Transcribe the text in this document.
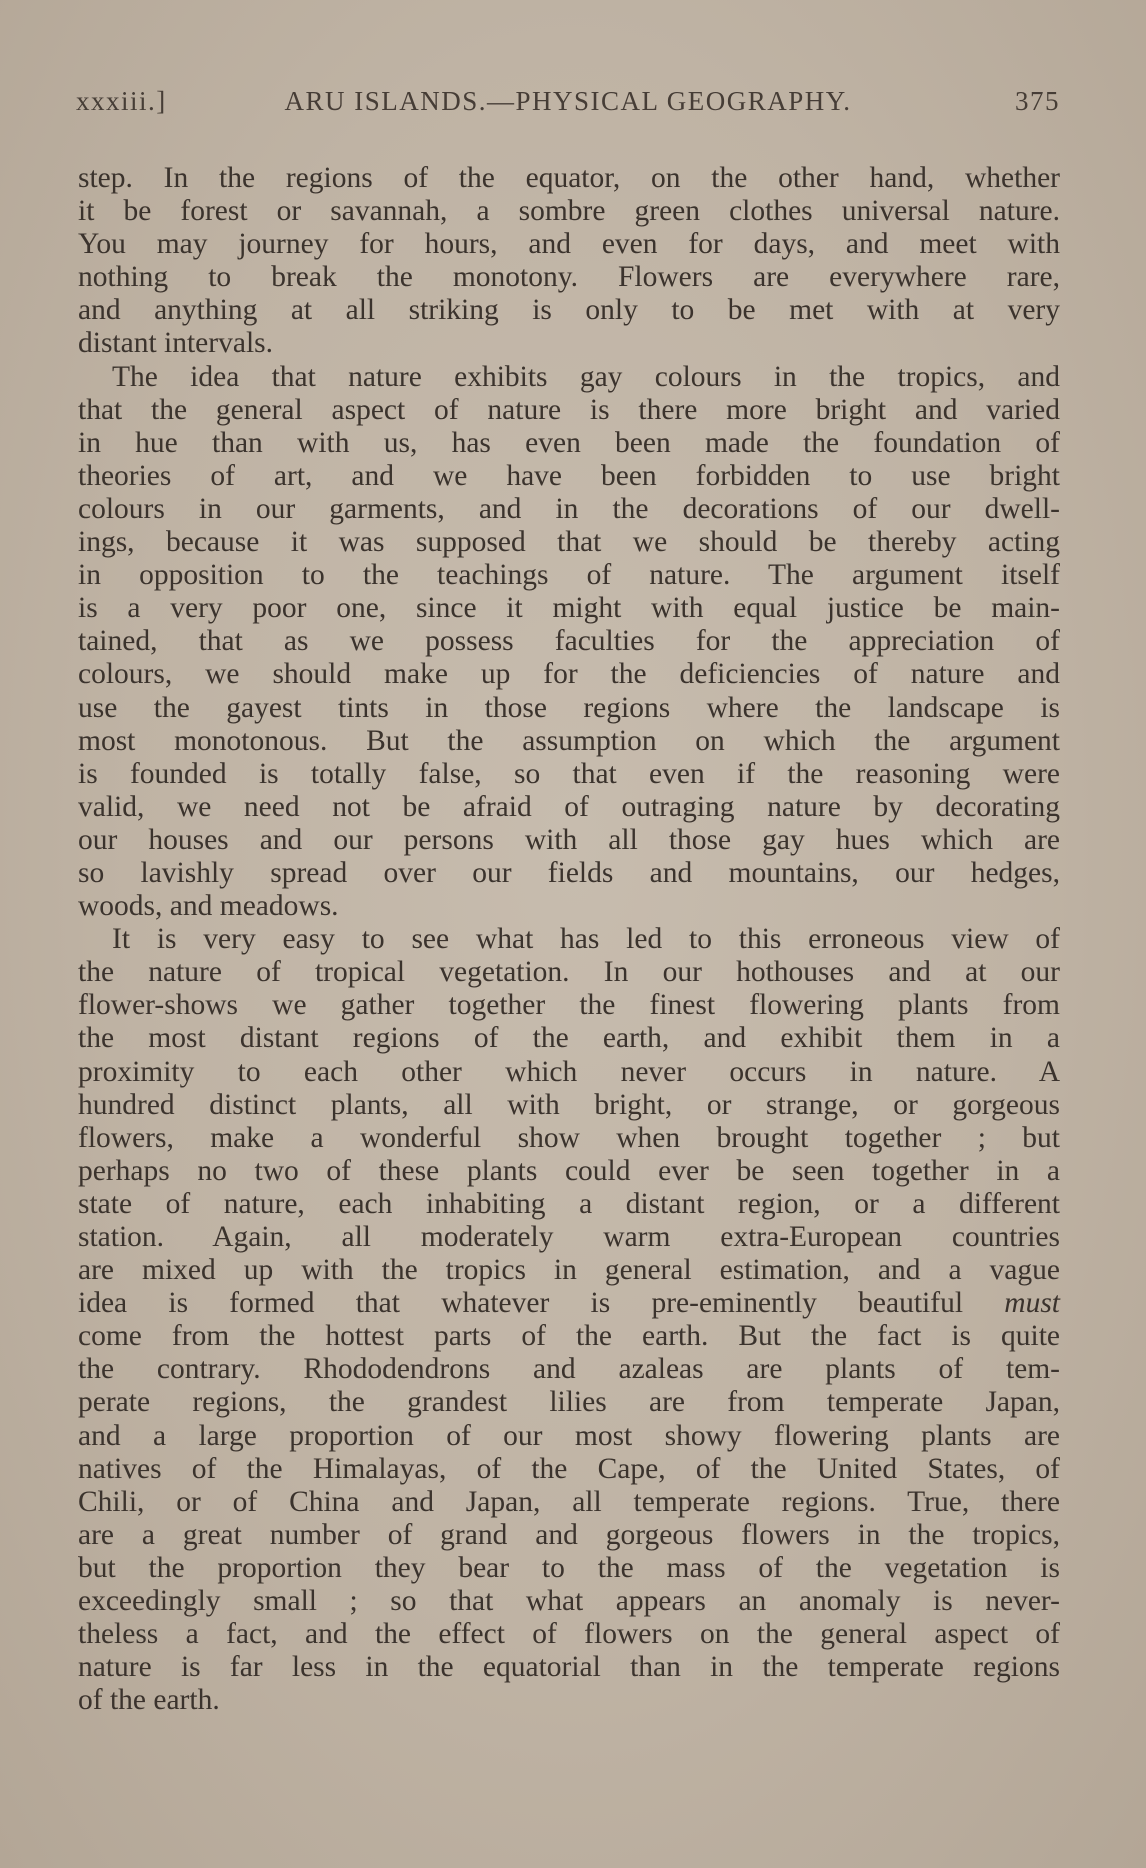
xxxiii.]	ARU ISLANDS.—PHYSICAL GEOGRAPHY.	375
step. In the regions of the equator, on the other hand, whether
it be forest or savannah, a sombre green clothes universal nature.
You may journey for hours, and even for days, and meet with
nothing to break the monotony. Flowers are everywhere rare,
and anything at all striking is only to be met with at very
distant intervals.
The idea that nature exhibits gay colours in the tropics, and
that the general aspect of nature is there more bright and varied
in hue than with us, has even been made the foundation of
theories of art, and we have been forbidden to use bright
colours in our garments, and in the decorations of our dwell-
ings, because it was supposed that we should be thereby acting
in opposition to the teachings of nature. The argument itself
is a very poor one, since it might with equal justice be main-
tained, that as we possess faculties for the appreciation of
colours, we should make up for the deficiencies of nature and
use the gayest tints in those regions where the landscape is
most monotonous. But the assumption on which the argument
is founded is totally false, so that even if the reasoning were
valid, we need not be afraid of outraging nature by decorating
our houses and our persons with all those gay hues which are
so lavishly spread over our fields and mountains, our hedges,
woods, and meadows.
It is very easy to see what has led to this erroneous view of
the nature of tropical vegetation. In our hothouses and at our
flower-shows we gather together the finest flowering plants from
the most distant regions of the earth, and exhibit them in a
proximity to each other which never occurs in nature. A
hundred distinct plants, all with bright, or strange, or gorgeous
flowers, make a wonderful show when brought together ; but
perhaps no two of these plants could ever be seen together in a
state of nature, each inhabiting a distant region, or a different
station. Again, all moderately warm extra-European countries
are mixed up with the tropics in general estimation, and a vague
idea is formed that whatever is pre-eminently beautiful must
come from the hottest parts of the earth. But the fact is quite
the contrary. Rhododendrons and azaleas are plants of tem-
perate regions, the grandest lilies are from temperate Japan,
and a large proportion of our most showy flowering plants are
natives of the Himalayas, of the Cape, of the United States, of
Chili, or of China and Japan, all temperate regions. True, there
are a great number of grand and gorgeous flowers in the tropics,
but the proportion they bear to the mass of the vegetation is
exceedingly small ; so that what appears an anomaly is never-
theless a fact, and the effect of flowers on the general aspect of
nature is far less in the equatorial than in the temperate regions
of the earth.
